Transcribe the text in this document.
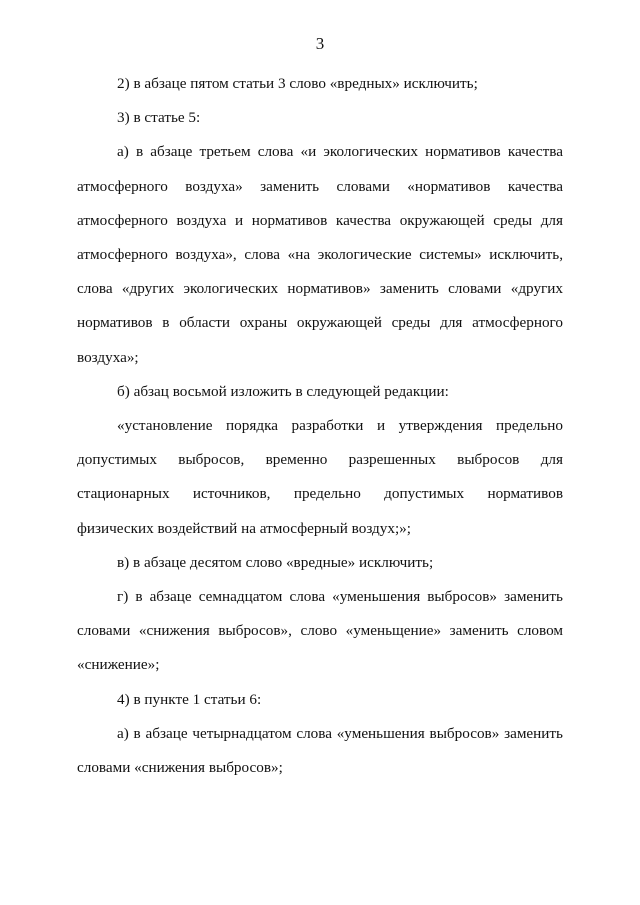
3

2) в абзаце пятом статьи 3 слово «вредных» исключить;

3) в статье 5:

а) в абзаце третьем слова «и экологических нормативов качества атмосферного воздуха» заменить словами «нормативов качества атмосферного воздуха и нормативов качества окружающей среды для атмосферного воздуха», слова «на экологические системы» исключить, слова «других экологических нормативов» заменить словами «других нормативов в области охраны окружающей среды для атмосферного воздуха»;

б) абзац восьмой изложить в следующей редакции:

«установление порядка разработки и утверждения предельно допустимых выбросов, временно разрешенных выбросов для стационарных источников, предельно допустимых нормативов физических воздействий на атмосферный воздух;»;

в) в абзаце десятом слово «вредные» исключить;

г) в абзаце семнадцатом слова «уменьшения выбросов» заменить словами «снижения выбросов», слово «уменьщение» заменить словом «снижение»;

4) в пункте 1 статьи 6:

а) в абзаце четырнадцатом слова «уменьшения выбросов» заменить словами «снижения выбросов»;
